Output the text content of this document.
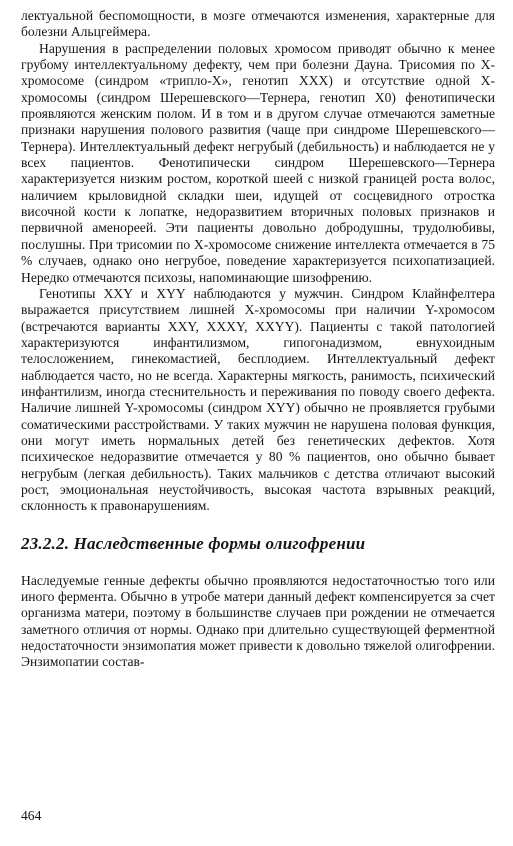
лектуальной беспомощности, в мозге отмечаются изменения, характерные для болезни Альцгеймера.

Нарушения в распределении половых хромосом приводят обычно к менее грубому интеллектуальному дефекту, чем при болезни Дауна. Трисомия по Х-хромосоме (синдром «трипло-Х», генотип XXX) и отсутствие одной Х-хромосомы (синдром Шерешевского—Тернера, генотип X0) фенотипически проявляются женским полом. И в том и в другом случае отмечаются заметные признаки нарушения полового развития (чаще при синдроме Шерешевского—Тернера). Интеллектуальный дефект негрубый (дебильность) и наблюдается не у всех пациентов. Фенотипически синдром Шерешевского—Тернера характеризуется низким ростом, короткой шеей с низкой границей роста волос, наличием крыловидной складки шеи, идущей от сосцевидного отростка височной кости к лопатке, недоразвитием вторичных половых признаков и первичной аменореей. Эти пациенты довольно добродушны, трудолюбивы, послушны. При трисомии по Х-хромосоме снижение интеллекта отмечается в 75 % случаев, однако оно негрубое, поведение характеризуется психопатизацией. Нередко отмечаются психозы, напоминающие шизофрению.

Генотипы XXY и XYY наблюдаются у мужчин. Синдром Клайнфелтера выражается присутствием лишней Х-хромосомы при наличии Y-хромосом (встречаются варианты XXY, XXXY, XXYY). Пациенты с такой патологией характеризуются инфантилизмом, гипогонадизмом, евнухоидным телосложением, гинекомастией, бесплодием. Интеллектуальный дефект наблюдается часто, но не всегда. Характерны мягкость, ранимость, психический инфантилизм, иногда стеснительность и переживания по поводу своего дефекта. Наличие лишней Y-хромосомы (синдром XYY) обычно не проявляется грубыми соматическими расстройствами. У таких мужчин не нарушена половая функция, они могут иметь нормальных детей без генетических дефектов. Хотя психическое недоразвитие отмечается у 80 % пациентов, оно обычно бывает негрубым (легкая дебильность). Таких мальчиков с детства отличают высокий рост, эмоциональная неустойчивость, высокая частота взрывных реакций, склонность к правонарушениям.

23.2.2. Наследственные формы олигофрении

Наследуемые генные дефекты обычно проявляются недостаточностью того или иного фермента. Обычно в утробе матери данный дефект компенсируется за счет организма матери, поэтому в большинстве случаев при рождении не отмечается заметного отличия от нормы. Однако при длительно существующей ферментной недостаточности энзимопатия может привести к довольно тяжелой олигофрении. Энзимопатии состав-

464
